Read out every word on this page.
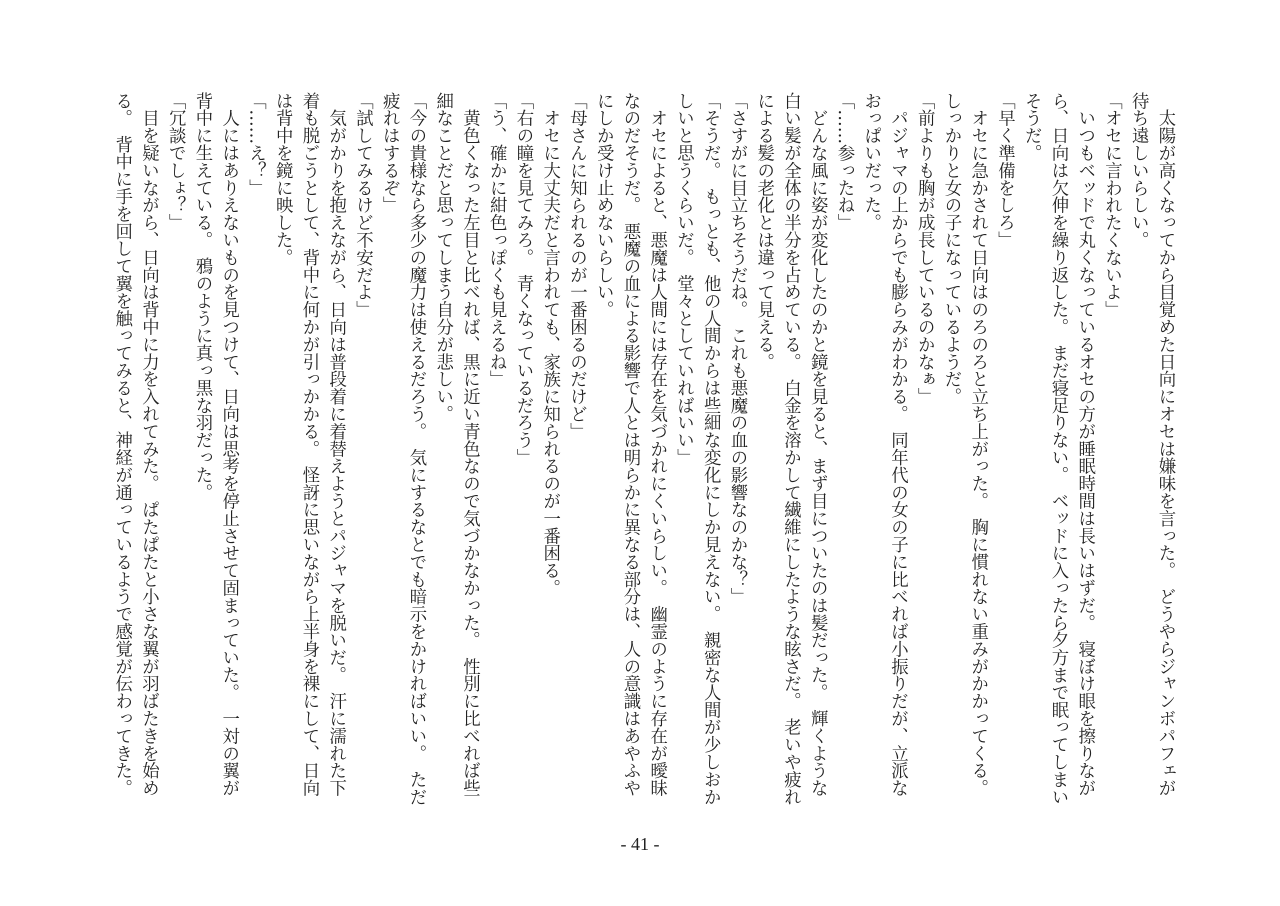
　太陽が高くなってから目覚めた日向にオセは嫌味を言った。　どうやらジャンボパフェが
待ち遠しいらしい。
「オセに言われたくないよ」
　いつもベッドで丸くなっているオセの方が睡眠時間は長いはずだ。　寝ぼけ眼を擦りなが
ら、日向は欠伸を繰り返した。　まだ寝足りない。　ベッドに入ったら夕方まで眠ってしまい
そうだ。
「早く準備をしろ」
　オセに急かされて日向はのろのろと立ち上がった。　胸に慣れない重みがかかってくる。
しっかりと女の子になっているようだ。
「前よりも胸が成長しているのかなぁ」
　パジャマの上からでも膨らみがわかる。　同年代の女の子に比べれば小振りだが、立派な
おっぱいだった。
「……参ったね」
　どんな風に姿が変化したのかと鏡を見ると、まず目についたのは髪だった。　輝くような
白い髪が全体の半分を占めている。　白金を溶かして繊維にしたような眩さだ。　老いや疲れ
による髪の老化とは違って見える。
「さすがに目立ちそうだね。　これも悪魔の血の影響なのかな？」
「そうだ。　もっとも、他の人間からは些細な変化にしか見えない。　親密な人間が少しおか
しいと思うくらいだ。　堂々としていればいい」
　オセによると、悪魔は人間には存在を気づかれにくいらしい。　幽霊のように存在が曖昧
なのだそうだ。　悪魔の血による影響で人とは明らかに異なる部分は、人の意識はあやふや
にしか受け止めないらしい。
「母さんに知られるのが一番困るのだけど」
　オセに大丈夫だと言われても、家族に知られるのが一番困る。
「右の瞳を見てみろ。　青くなっているだろう」
「う、確かに紺色っぽくも見えるね」
　黄色くなった左目と比べれば、黒に近い青色なので気づかなかった。　性別に比べれば些
細なことだと思ってしまう自分が悲しい。
「今の貴様なら多少の魔力は使えるだろう。　気にするなとでも暗示をかければいい。　ただ
疲れはするぞ」
「試してみるけど不安だよ」
　気がかりを抱えながら、日向は普段着に着替えようとパジャマを脱いだ。　汗に濡れた下
着も脱ごうとして、背中に何かが引っかかる。　怪訝に思いながら上半身を裸にして、日向
は背中を鏡に映した。
「……え？」
　人にはありえないものを見つけて、日向は思考を停止させて固まっていた。　一対の翼が
背中に生えている。　鴉のように真っ黒な羽だった。
「冗談でしょ？」
　目を疑いながら、日向は背中に力を入れてみた。　ぱたぱたと小さな翼が羽ばたきを始め
る。　背中に手を回して翼を触ってみると、神経が通っているようで感覚が伝わってきた。
- 41 -
